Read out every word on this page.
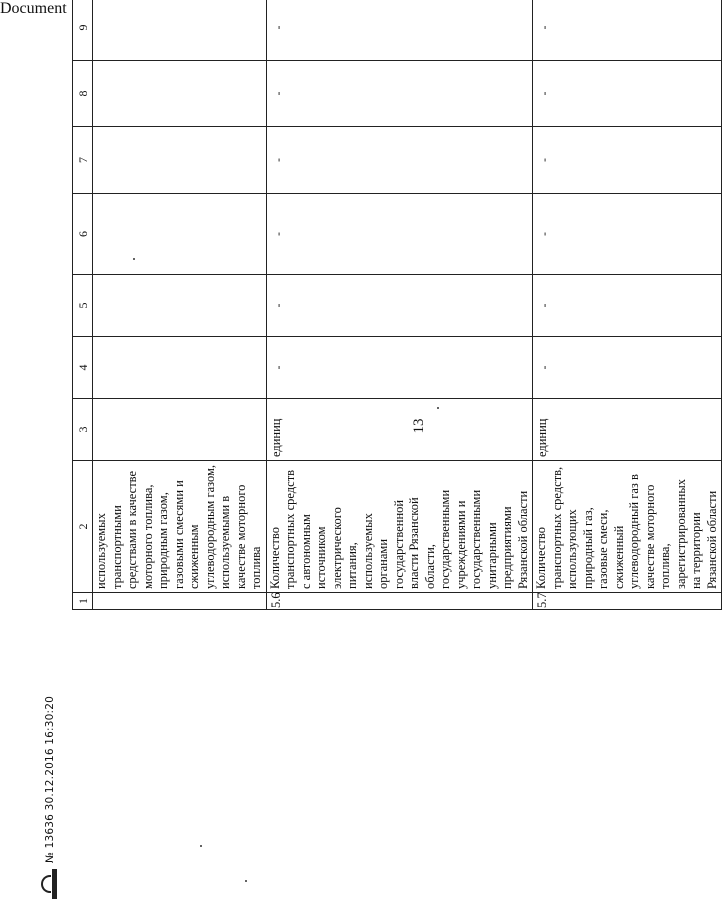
Document
13
1	2	3	4	5	6	7	8	9	
	используемых транспортными средствами в качестве моторного топлива, природным газом, газовыми смесями и сжиженным углеводородным газом, используемыми в качестве моторного топлива								
5.6	Количество транспортных средств с автономным источником электрического питания, используемых органами государственной власти Рязанской области, государственными учреждениями и государственными унитарными предприятиями Рязанской области	единиц	-	-	-	-	-	-	
5.7	Количество транспортных средств, использующих природный газ, газовые смеси, сжиженный углеводородный газ в качестве моторного топлива, зарегистрированных на территории Рязанской области	единиц	-	-	-	-	-	-	
№ 13636 30.12.2016 16:30:20
